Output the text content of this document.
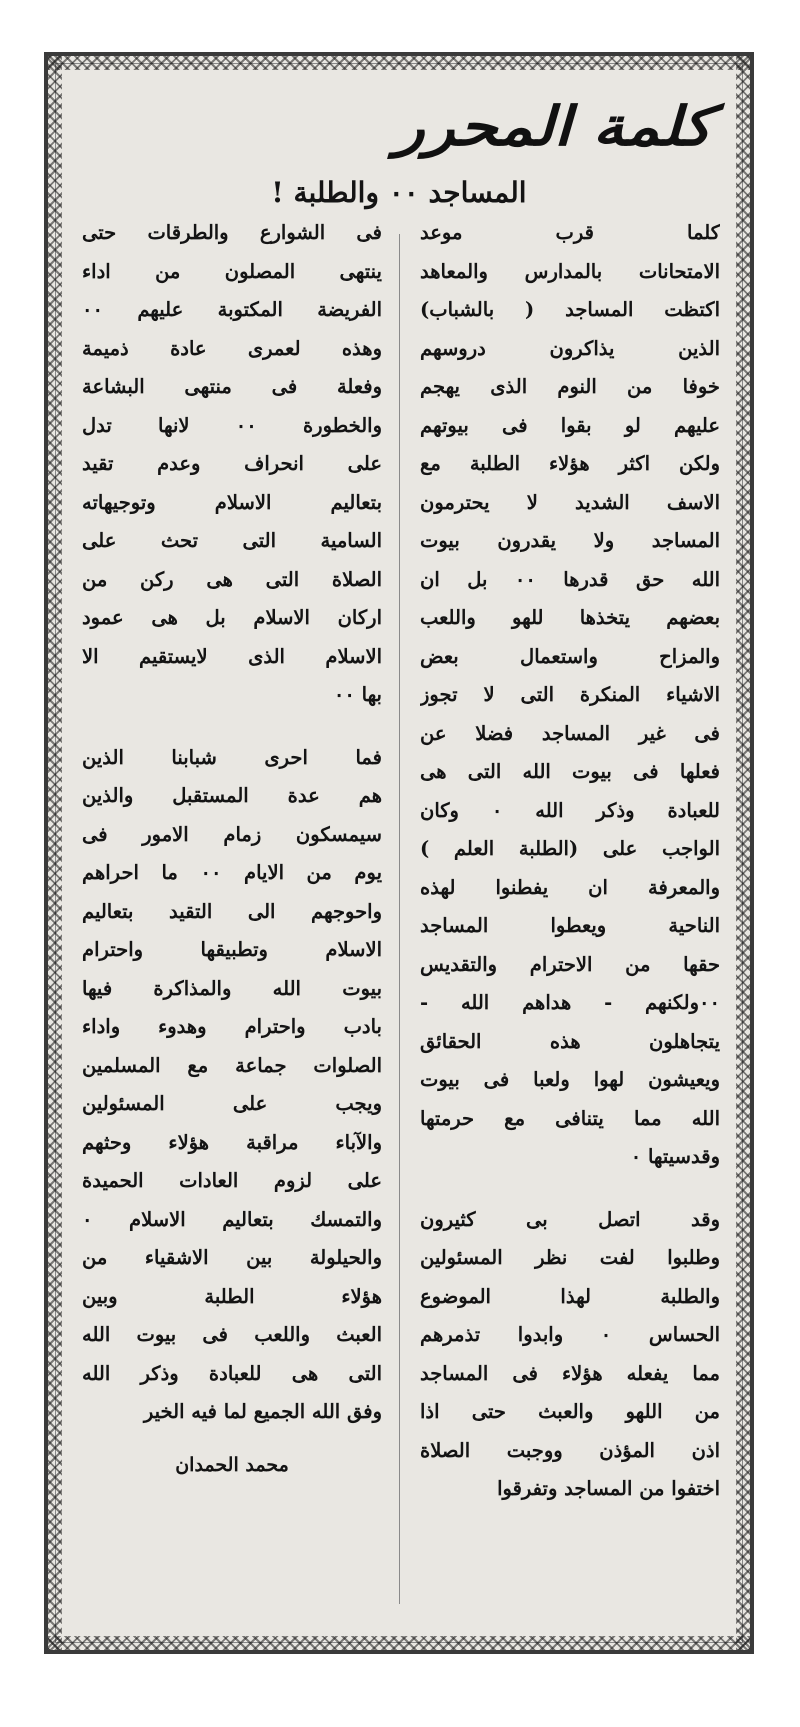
كلمة المحرر
المساجد ٠٠ والطلبة !
كلما قرب موعد
الامتحانات بالمدارس والمعاهد
اكتظت المساجد ( بالشباب)
الذين يذاكرون دروسهم
خوفا من النوم الذى يهجم
عليهم لو بقوا فى بيوتهم
ولكن اكثر هؤلاء الطلبة مع
الاسف الشديد لا يحترمون
المساجد ولا يقدرون بيوت
الله حق قدرها ٠٠ بل ان
بعضهم يتخذها للهو واللعب
والمزاح واستعمال بعض
الاشياء المنكرة التى لا تجوز
فى غير المساجد فضلا عن
فعلها فى بيوت الله التى هى
للعبادة وذكر الله ٠ وكان
الواجب على (الطلبة العلم )
والمعرفة ان يفطنوا لهذه
الناحية ويعطوا المساجد
حقها من الاحترام والتقديس
٠٠ولكنهم - هداهم الله -
يتجاهلون هذه الحقائق
ويعيشون لهوا ولعبا فى بيوت
الله مما يتنافى مع حرمتها
وقدسيتها ٠
وقد اتصل بى كثيرون
وطلبوا لفت نظر المسئولين
والطلبة لهذا الموضوع
الحساس ٠ وابدوا تذمرهم
مما يفعله هؤلاء فى المساجد
من اللهو والعبث حتى اذا
اذن المؤذن ووجبت الصلاة
اختفوا من المساجد وتفرقوا
فى الشوارع والطرقات حتى
ينتهى المصلون من اداء
الفريضة المكتوبة عليهم ٠٠
وهذه لعمرى عادة ذميمة
وفعلة فى منتهى البشاعة
والخطورة ٠٠ لانها تدل
على انحراف وعدم تقيد
بتعاليم الاسلام وتوجيهاته
السامية التى تحث على
الصلاة التى هى ركن من
اركان الاسلام بل هى عمود
الاسلام الذى لايستقيم الا
بها ٠٠
فما احرى شبابنا الذين
هم عدة المستقبل والذين
سيمسكون زمام الامور فى
يوم من الايام ٠٠ ما احراهم
واحوجهم الى التقيد بتعاليم
الاسلام وتطبيقها واحترام
بيوت الله والمذاكرة فيها
بادب واحترام وهدوء واداء
الصلوات جماعة مع المسلمين
ويجب على المسئولين
والآباء مراقبة هؤلاء وحثهم
على لزوم العادات الحميدة
والتمسك بتعاليم الاسلام ٠
والحيلولة بين الاشقياء من
هؤلاء الطلبة وبين
العبث واللعب فى بيوت الله
التى هى للعبادة وذكر الله
وفق الله الجميع لما فيه الخير
محمد الحمدان
